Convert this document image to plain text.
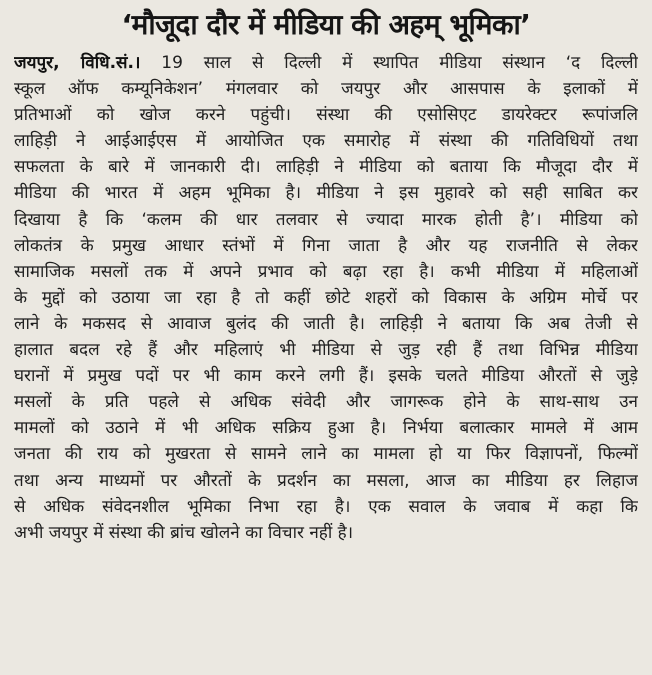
‘मौजूदा दौर में मीडिया की अहम् भूमिका’
जयपुर, विधि.सं.। 19 साल से दिल्ली में स्थापित मीडिया संस्थान ‘द दिल्ली
स्कूल ऑफ कम्यूनिकेशन’ मंगलवार को जयपुर और आसपास के इलाकों में
प्रतिभाओं को खोज करने पहुंची। संस्था की एसोसिएट डायरेक्टर रूपांजलि
लाहिड़ी ने आईआईएस में आयोजित एक समारोह में संस्था की गतिविधियों तथा
सफलता के बारे में जानकारी दी। लाहिड़ी ने मीडिया को बताया कि मौजूदा दौर में
मीडिया की भारत में अहम भूमिका है। मीडिया ने इस मुहावरे को सही साबित कर
दिखाया है कि ‘कलम की धार तलवार से ज्यादा मारक होती है’। मीडिया को
लोकतंत्र के प्रमुख आधार स्तंभों में गिना जाता है और यह राजनीति से लेकर
सामाजिक मसलों तक में अपने प्रभाव को बढ़ा रहा है। कभी मीडिया में महिलाओं
के मुद्दों को उठाया जा रहा है तो कहीं छोटे शहरों को विकास के अग्रिम मोर्चे पर
लाने के मकसद से आवाज बुलंद की जाती है। लाहिड़ी ने बताया कि अब तेजी से
हालात बदल रहे हैं और महिलाएं भी मीडिया से जुड़ रही हैं तथा विभिन्न मीडिया
घरानों में प्रमुख पदों पर भी काम करने लगी हैं। इसके चलते मीडिया औरतों से जुड़े
मसलों के प्रति पहले से अधिक संवेदी और जागरूक होने के साथ-साथ उन
मामलों को उठाने में भी अधिक सक्रिय हुआ है। निर्भया बलात्कार मामले में आम
जनता की राय को मुखरता से सामने लाने का मामला हो या फिर विज्ञापनों, फिल्मों
तथा अन्य माध्यमों पर औरतों के प्रदर्शन का मसला, आज का मीडिया हर लिहाज
से अधिक संवेदनशील भूमिका निभा रहा है। एक सवाल के जवाब में कहा कि
अभी जयपुर में संस्था की ब्रांच खोलने का विचार नहीं है।
